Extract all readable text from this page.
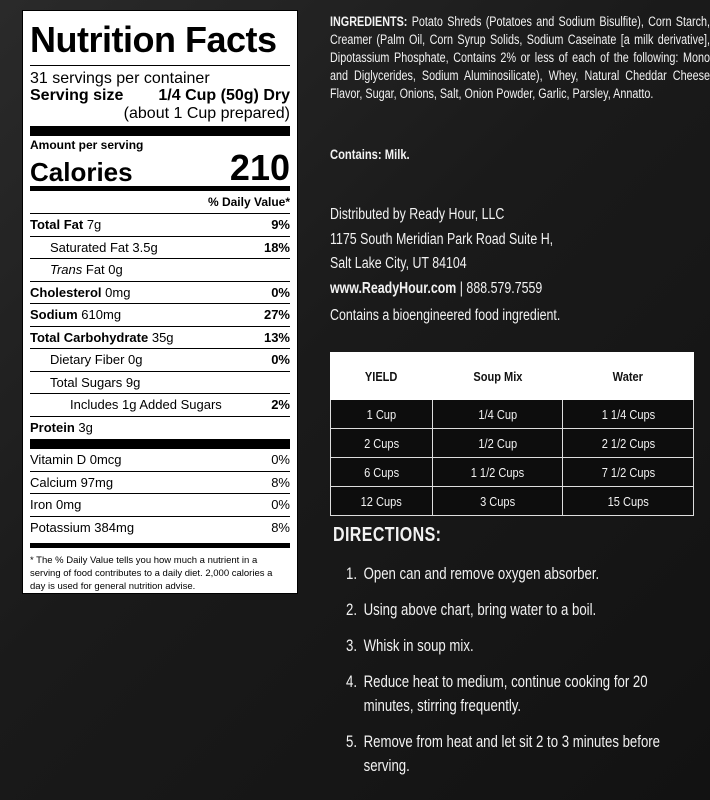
Nutrition Facts
31 servings per container
Serving size 1/4 Cup (50g) Dry
(about 1 Cup prepared)
Amount per serving
Calories	210
% Daily Value*
Total Fat 7g	9%
Saturated Fat 3.5g	18%
Trans Fat 0g
Cholesterol 0mg	0%
Sodium 610mg	27%
Total Carbohydrate 35g	13%
Dietary Fiber 0g	0%
Total Sugars 9g
Includes 1g Added Sugars	2%
Protein 3g
Vitamin D 0mcg	0%
Calcium 97mg	8%
Iron 0mg	0%
Potassium 384mg	8%
* The % Daily Value tells you how much a nutrient in a serving of food contributes to a daily diet. 2,000 calories a day is used for general nutrition advise.
INGREDIENTS: Potato Shreds (Potatoes and Sodium Bisulfite), Corn Starch, Creamer (Palm Oil, Corn Syrup Solids, Sodium Caseinate [a milk derivative], Dipotassium Phosphate, Contains 2% or less of each of the following: Mono and Diglycerides, Sodium Aluminosilicate), Whey, Natural Cheddar Cheese Flavor, Sugar, Onions, Salt, Onion Powder, Garlic, Parsley, Annatto.
Contains: Milk.
Distributed by Ready Hour, LLC
1175 South Meridian Park Road Suite H,
Salt Lake City, UT 84104
www.ReadyHour.com | 888.579.7559
Contains a bioengineered food ingredient.
YIELD	Soup Mix	Water
1 Cup	1/4 Cup	1 1/4 Cups
2 Cups	1/2 Cup	2 1/2 Cups
6 Cups	1 1/2 Cups	7 1/2 Cups
12 Cups	3 Cups	15 Cups
DIRECTIONS:
1. Open can and remove oxygen absorber.
2. Using above chart, bring water to a boil.
3. Whisk in soup mix.
4. Reduce heat to medium, continue cooking for 20 minutes, stirring frequently.
5. Remove from heat and let sit 2 to 3 minutes before serving.
